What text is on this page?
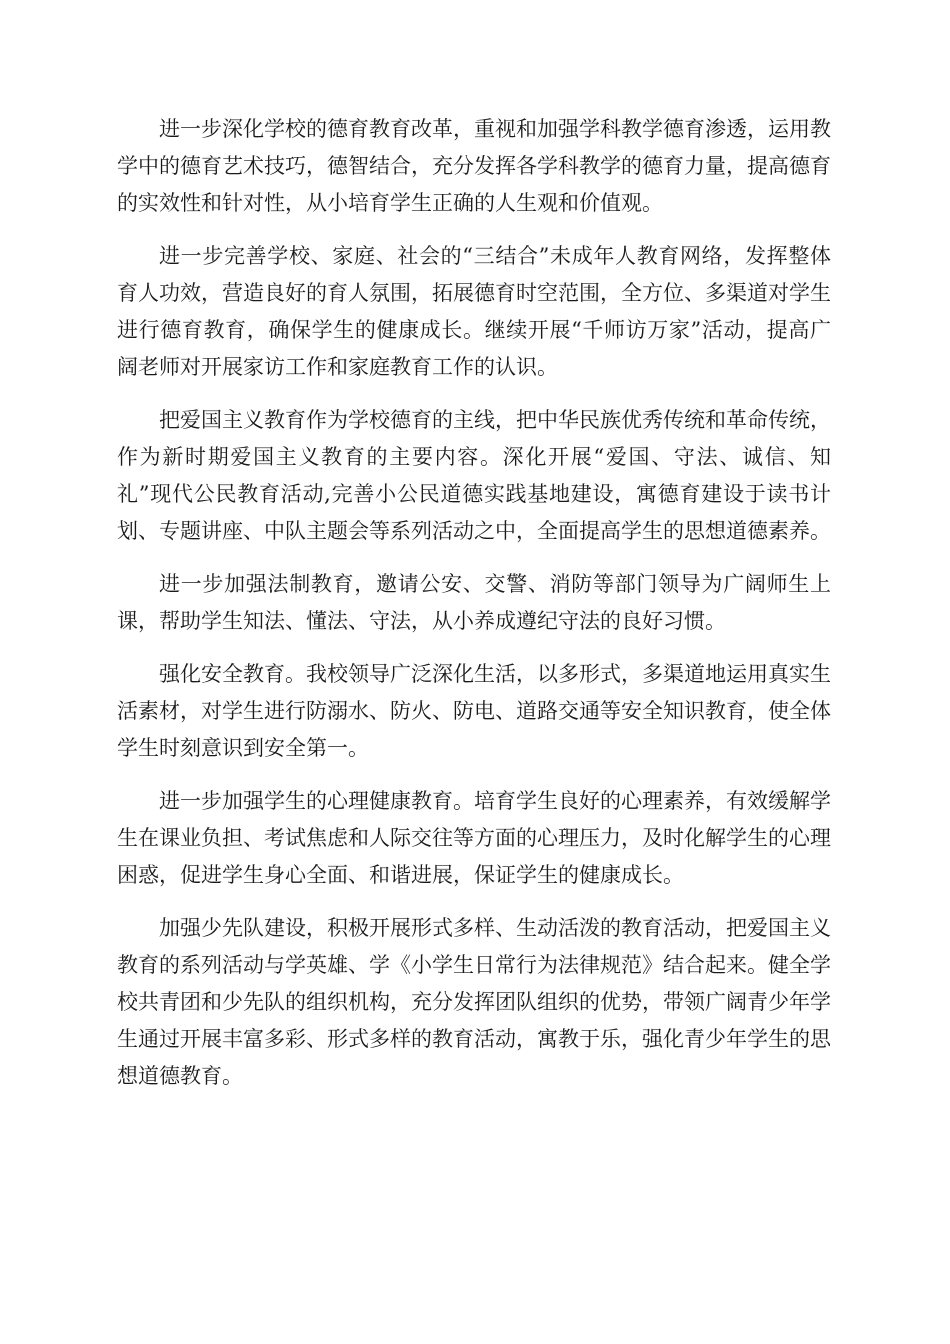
进一步深化学校的德育教育改革，重视和加强学科教学德育渗透，运用教学中的德育艺术技巧，德智结合，充分发挥各学科教学的德育力量，提高德育的实效性和针对性，从小培育学生正确的人生观和价值观。

进一步完善学校、家庭、社会的“三结合”未成年人教育网络，发挥整体育人功效，营造良好的育人氛围，拓展德育时空范围，全方位、多渠道对学生进行德育教育，确保学生的健康成长。继续开展“千师访万家”活动，提高广阔老师对开展家访工作和家庭教育工作的认识。

把爱国主义教育作为学校德育的主线，把中华民族优秀传统和革命传统，作为新时期爱国主义教育的主要内容。深化开展“爱国、守法、诚信、知礼”现代公民教育活动,完善小公民道德实践基地建设，寓德育建设于读书计划、专题讲座、中队主题会等系列活动之中，全面提高学生的思想道德素养。

进一步加强法制教育，邀请公安、交警、消防等部门领导为广阔师生上课，帮助学生知法、懂法、守法，从小养成遵纪守法的良好习惯。

强化安全教育。我校领导广泛深化生活，以多形式，多渠道地运用真实生活素材，对学生进行防溺水、防火、防电、道路交通等安全知识教育，使全体学生时刻意识到安全第一。

进一步加强学生的心理健康教育。培育学生良好的心理素养，有效缓解学生在课业负担、考试焦虑和人际交往等方面的心理压力，及时化解学生的心理困惑，促进学生身心全面、和谐进展，保证学生的健康成长。

加强少先队建设，积极开展形式多样、生动活泼的教育活动，把爱国主义教育的系列活动与学英雄、学《小学生日常行为法律规范》结合起来。健全学校共青团和少先队的组织机构，充分发挥团队组织的优势，带领广阔青少年学生通过开展丰富多彩、形式多样的教育活动，寓教于乐，强化青少年学生的思想道德教育。
